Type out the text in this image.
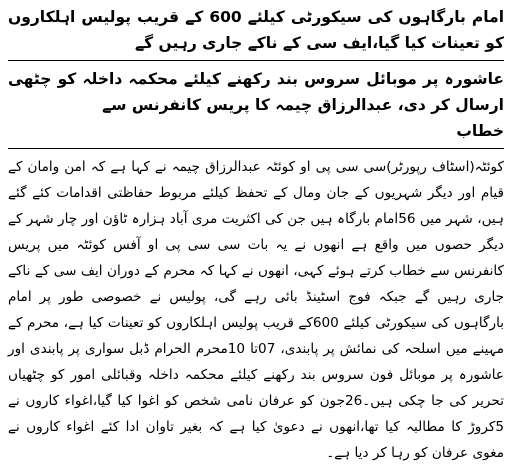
امام بارگاہوں کی سیکورٹی کیلئے 600 کے قریب پولیس اہلکاروں کو تعینات کیا گیا،ایف سی کے ناکے جاری رہیں گے

عاشورہ پر موبائل سروس بند رکھنے کیلئے محکمہ داخلہ کو چٹھی ارسال کر دی، عبدالرزاق چیمہ کا پریس کانفرنس سے
خطاب

کوئٹہ(اسٹاف رپورٹر)سی سی پی او کوئٹہ عبدالرزاق چیمہ نے کہا ہے کہ امن وامان کے قیام اور دیگر شہریوں کے جان ومال کے تحفظ کیلئے مربوط حفاظتی اقدامات کئے گئے ہیں، شہر میں 56امام بارگاہ ہیں جن کی اکثریت مری آباد ہزارہ ٹاؤن اور چار شہر کے دیگر حصوں میں واقع ہے انھوں نے یہ بات سی سی پی او آفس کوئٹہ میں پریس کانفرنس سے خطاب کرتے ہوئے کہی، انھوں نے کہا کہ محرم کے دوران ایف سی کے ناکے جاری رہیں گے جبکہ فوج اسٹینڈ بائی رہے گی، پولیس نے خصوصی طور پر امام بارگاہوں کی سیکورٹی کیلئے 600کے قریب پولیس اہلکاروں کو تعینات کیا ہے، محرم کے مہینے میں اسلحہ کی نمائش پر پابندی، 07تا 10محرم الحرام ڈبل سواری پر پابندی اور عاشورہ پر موبائل فون سروس بند رکھنے کیلئے محکمہ داخلہ وقبائلی امور کو چٹھیاں تحریر کی جا چکی ہیں۔26جون کو عرفان نامی شخص کو اغوا کیا گیا،اغواء کاروں نے 5کروڑ کا مطالبہ کیا تھا،انھوں نے دعویٰ کیا ہے کہ بغیر تاوان ادا کئے اغواء کاروں نے مغوی عرفان کو رہا کر دیا ہے۔
